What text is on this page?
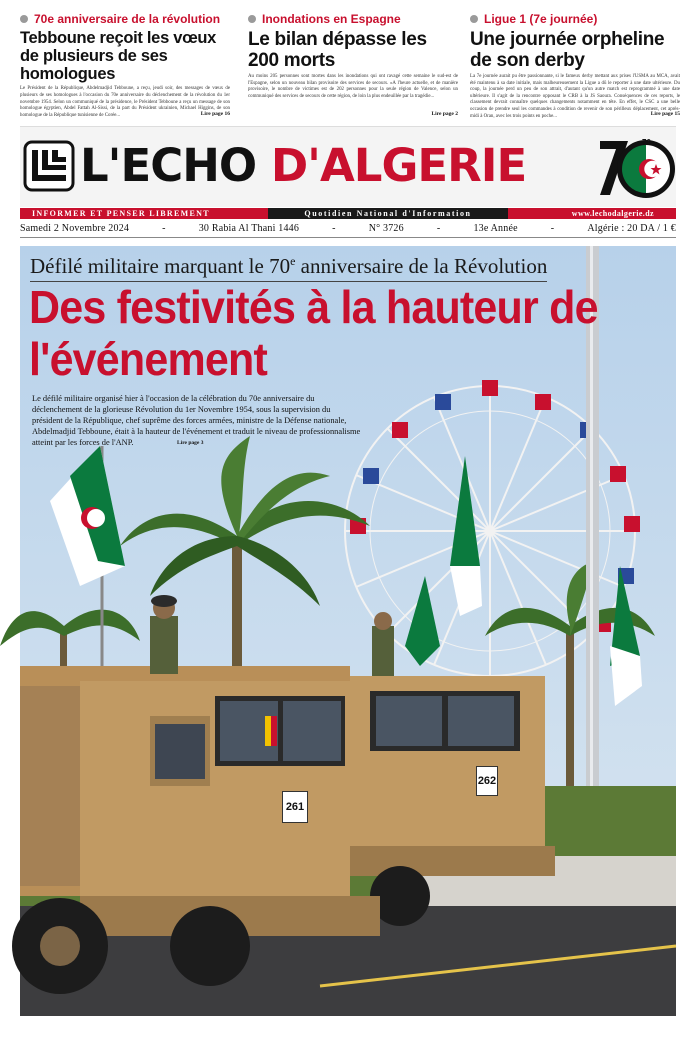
70e anniversaire de la révolution
Tebboune reçoit les vœux de plusieurs de ses homologues
Le Président de la République, Abdelmadjid Tebboune, a reçu, jeudi soir, des messages de vœux de plusieurs de ses homologues à l'occasion du 70e anniversaire du déclenchement de la révolution du 1er novembre 1954. Selon un communiqué de la présidence, le Président Tebboune a reçu un message de son homologue égyptien, Abdel Fattah Al-Sissi, de la part du Président ukrainien, Michael Higgins, de son homologue de la République tunisienne de Corée...	Lire page 16
Inondations en Espagne
Le bilan dépasse les 200 morts
Au moins 205 personnes sont mortes dans les inondations qui ont ravagé cette semaine le sud-est de l'Espagne, selon un nouveau bilan provisoire des services de secours. «A l'heure actuelle, et de manière provisoire, le nombre de victimes est de 202 personnes pour la seule région de Valence, selon un communiqué des services de secours de cette région, de loin la plus endeuillée par la tragédie...
Lire page 2
Ligue 1 (7e journée)
Une journée orpheline de son derby
La 7e journée aurait pu être passionnante, si le fameux derby mettant aux prises l'USMA au MCA, avait été maintenu à sa date initiale, mais malheureusement la Ligue a dû le reporter à une date ultérieure. Du coup, la journée perd un peu de son attrait, d'autant qu'un autre match est reprogrammé à une date ultérieure. Il s'agit de la rencontre opposant le CRB à la JS Saoura. Conséquences de ces reports, le classement devrait connaître quelques changements notamment en tête. En effet, le CSC a une belle occasion de prendre seul les commandes à condition de revenir de son périlleux déplacement, cet après-midi à Oran, avec les trois points en poche...	Lire page 15
L'ECHO D'ALGERIE	70
INFORMER ET PENSER LIBREMENT	Quotidien National d'Information	www.lechodalgerie.dz
Samedi 2 Novembre 2024	-	30 Rabia Al Thani 1446	-	N° 3726	-	13e Année	-	Algérie : 20 DA / 1 €
Défilé militaire marquant le 70e anniversaire de la Révolution
Des festivités à la hauteur de l'événement
Le défilé militaire organisé hier à l'occasion de la célébration du 70e anniversaire du déclenchement de la glorieuse Révolution du 1er Novembre 1954, sous la supervision du président de la République, chef suprême des forces armées, ministre de la Défense nationale, Abdelmadjid Tebboune, était à la hauteur de l'événement et traduit le niveau de professionnalisme atteint par les forces de l'ANP.	Lire page 3
261
262
